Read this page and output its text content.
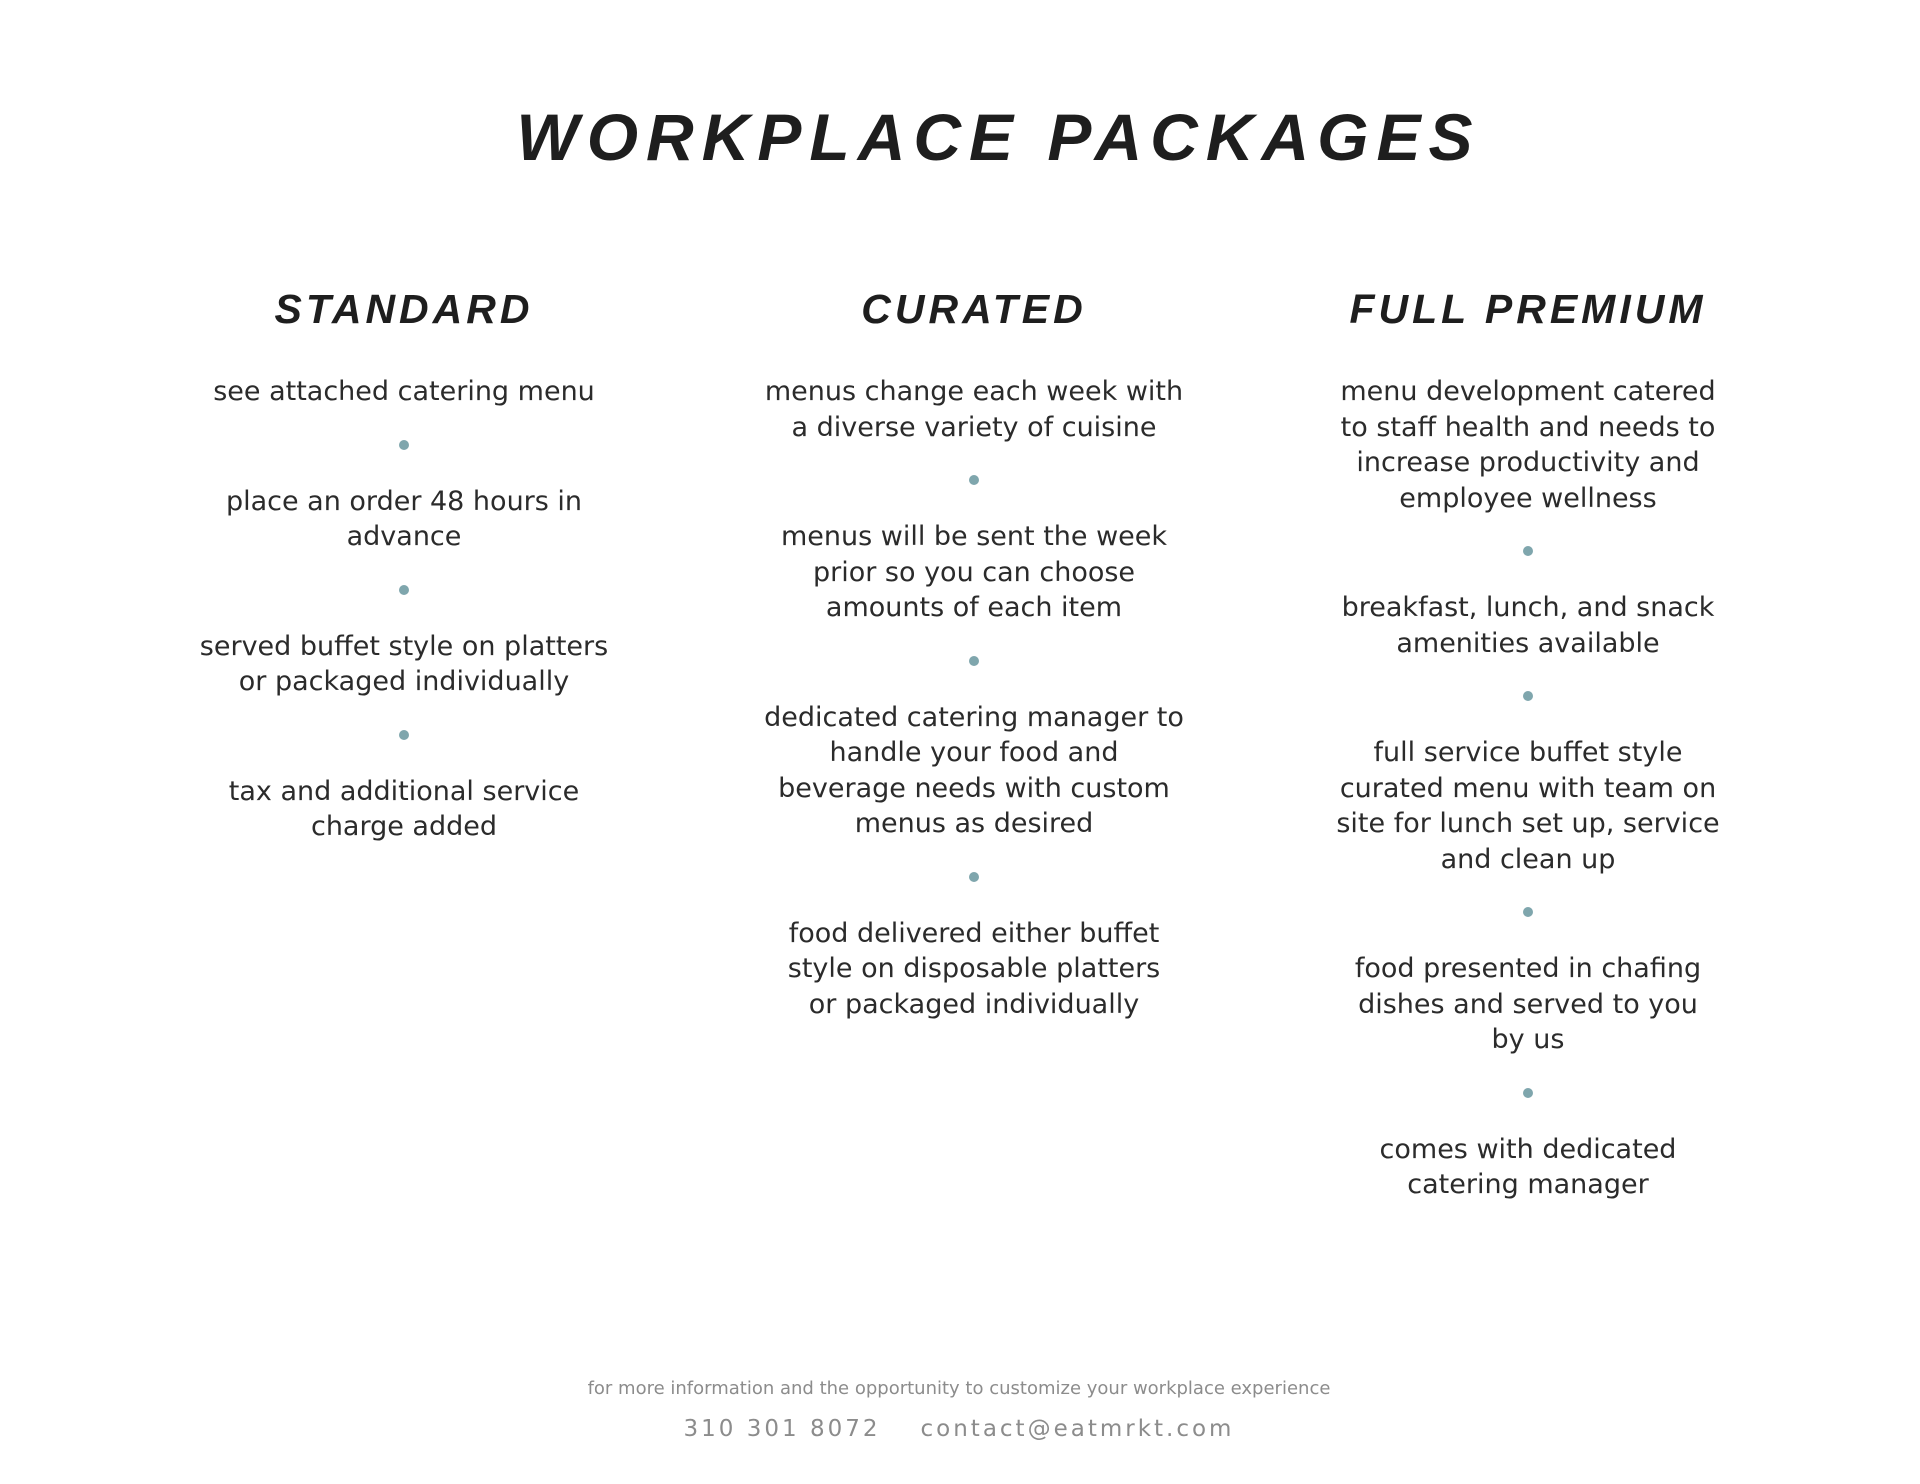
WORKPLACE PACKAGES
STANDARD

see attached catering menu

place an order 48 hours in advance

served buffet style on platters or packaged individually

tax and additional service charge added

CURATED

menus change each week with a diverse variety of cuisine

menus will be sent the week prior so you can choose amounts of each item

dedicated catering manager to handle your food and beverage needs with custom menus as desired

food delivered either buffet style on disposable platters or packaged individually

FULL PREMIUM

menu development catered to staff health and needs to increase productivity and employee wellness

breakfast, lunch, and snack amenities available

full service buffet style curated menu with team on site for lunch set up, service and clean up

food presented in chafing dishes and served to you by us

comes with dedicated catering manager

for more information and the opportunity to customize your workplace experience
310 301 8072 contact@eatmrkt.com
